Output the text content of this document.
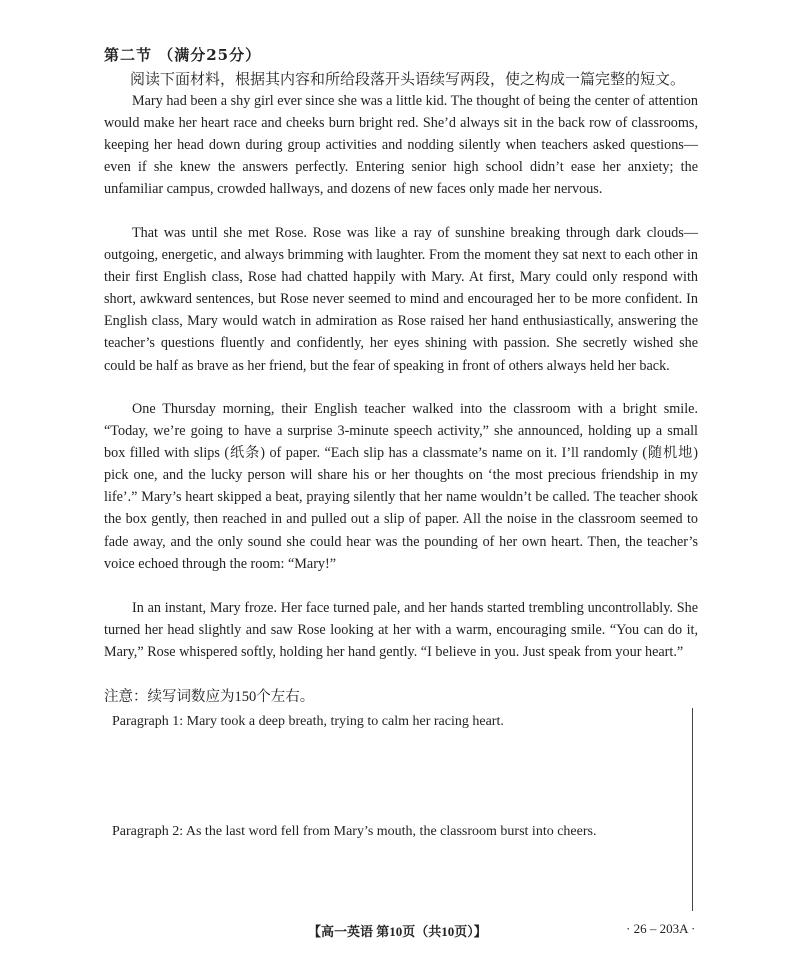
第二节 （满分25分）
阅读下面材料，根据其内容和所给段落开头语续写两段，使之构成一篇完整的短文。
Mary had been a shy girl ever since she was a little kid. The thought of being the center of attention would make her heart race and cheeks burn bright red. She’d always sit in the back row of classrooms, keeping her head down during group activities and nodding silently when teachers asked questions—even if she knew the answers perfectly. Entering senior high school didn’t ease her anxiety; the unfamiliar campus, crowded hallways, and dozens of new faces only made her nervous.
That was until she met Rose. Rose was like a ray of sunshine breaking through dark clouds—outgoing, energetic, and always brimming with laughter. From the moment they sat next to each other in their first English class, Rose had chatted happily with Mary. At first, Mary could only respond with short, awkward sentences, but Rose never seemed to mind and encouraged her to be more confident. In English class, Mary would watch in admiration as Rose raised her hand enthusiastically, answering the teacher’s questions fluently and confidently, her eyes shining with passion. She secretly wished she could be half as brave as her friend, but the fear of speaking in front of others always held her back.
One Thursday morning, their English teacher walked into the classroom with a bright smile. “Today, we’re going to have a surprise 3-minute speech activity,” she announced, holding up a small box filled with slips (纸条) of paper. “Each slip has a classmate’s name on it. I’ll randomly (随机地) pick one, and the lucky person will share his or her thoughts on ‘the most precious friendship in my life’.” Mary’s heart skipped a beat, praying silently that her name wouldn’t be called. The teacher shook the box gently, then reached in and pulled out a slip of paper. All the noise in the classroom seemed to fade away, and the only sound she could hear was the pounding of her own heart. Then, the teacher’s voice echoed through the room: “Mary!”
In an instant, Mary froze. Her face turned pale, and her hands started trembling uncontrollably. She turned her head slightly and saw Rose looking at her with a warm, encouraging smile. “You can do it, Mary,” Rose whispered softly, holding her hand gently. “I believe in you. Just speak from your heart.”
注意：续写词数应为150个左右。
Paragraph 1: Mary took a deep breath, trying to calm her racing heart.
Paragraph 2: As the last word fell from Mary’s mouth, the classroom burst into cheers.
【高一英语 第10页（共10页）】	· 26 – 203A ·
